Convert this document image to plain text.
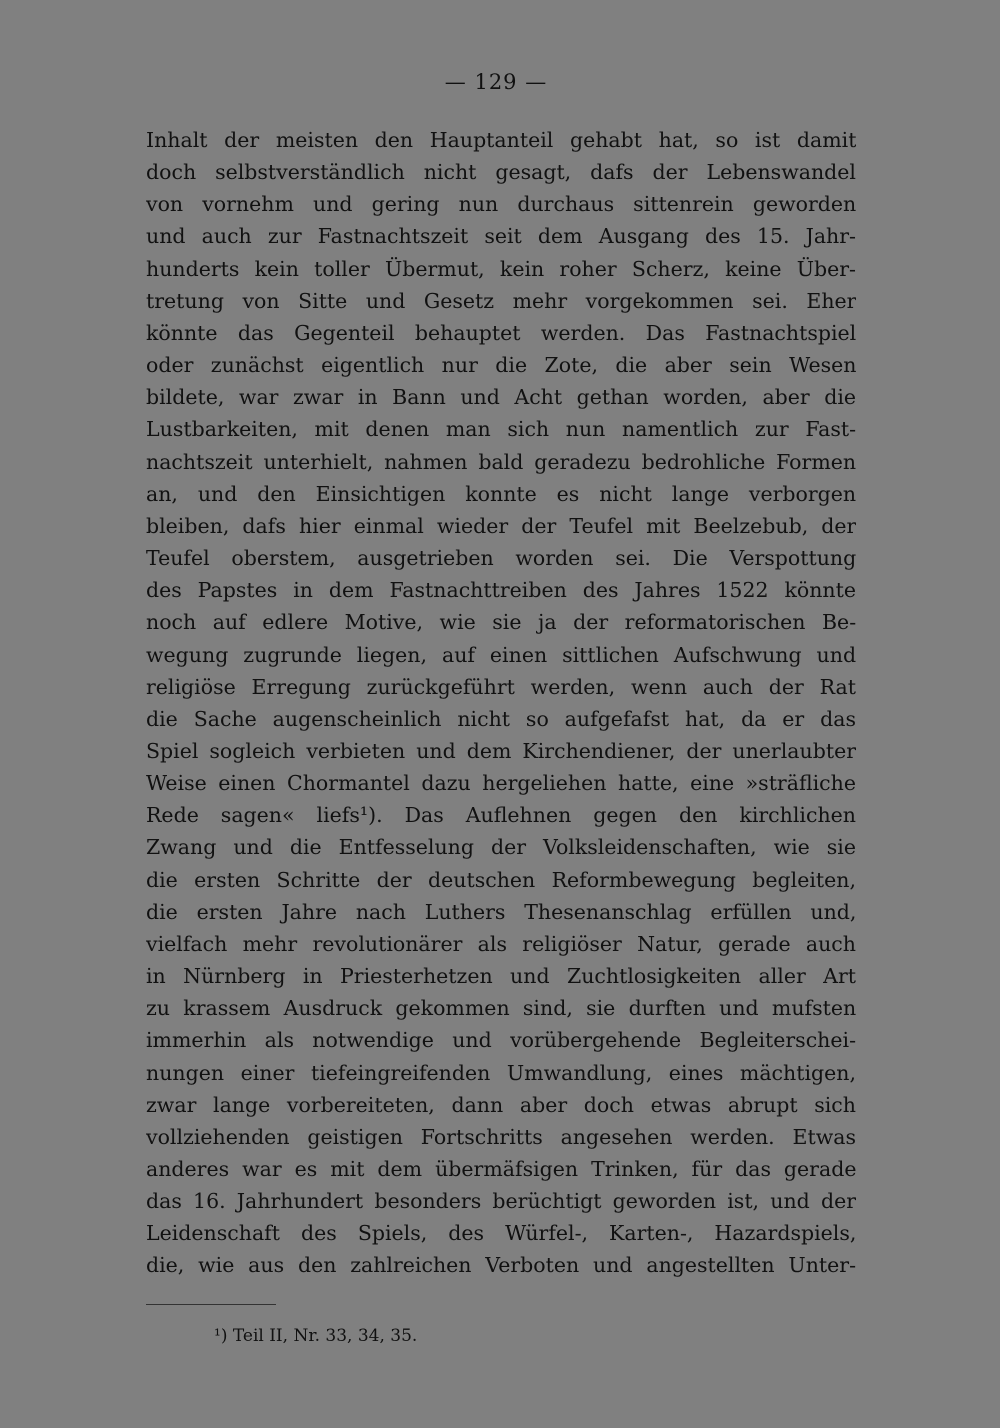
— 129 —
Inhalt der meisten den Hauptanteil gehabt hat, so ist damit
doch selbstverständlich nicht gesagt, dafs der Lebenswandel
von vornehm und gering nun durchaus sittenrein geworden
und auch zur Fastnachtszeit seit dem Ausgang des 15. Jahr-
hunderts kein toller Übermut, kein roher Scherz, keine Über-
tretung von Sitte und Gesetz mehr vorgekommen sei. Eher
könnte das Gegenteil behauptet werden. Das Fastnachtspiel
oder zunächst eigentlich nur die Zote, die aber sein Wesen
bildete, war zwar in Bann und Acht gethan worden, aber die
Lustbarkeiten, mit denen man sich nun namentlich zur Fast-
nachtszeit unterhielt, nahmen bald geradezu bedrohliche Formen
an, und den Einsichtigen konnte es nicht lange verborgen
bleiben, dafs hier einmal wieder der Teufel mit Beelzebub, der
Teufel oberstem, ausgetrieben worden sei. Die Verspottung
des Papstes in dem Fastnachttreiben des Jahres 1522 könnte
noch auf edlere Motive, wie sie ja der reformatorischen Be-
wegung zugrunde liegen, auf einen sittlichen Aufschwung und
religiöse Erregung zurückgeführt werden, wenn auch der Rat
die Sache augenscheinlich nicht so aufgefafst hat, da er das
Spiel sogleich verbieten und dem Kirchendiener, der unerlaubter
Weise einen Chormantel dazu hergeliehen hatte, eine »sträfliche
Rede sagen« liefs¹). Das Auflehnen gegen den kirchlichen
Zwang und die Entfesselung der Volksleidenschaften, wie sie
die ersten Schritte der deutschen Reformbewegung begleiten,
die ersten Jahre nach Luthers Thesenanschlag erfüllen und,
vielfach mehr revolutionärer als religiöser Natur, gerade auch
in Nürnberg in Priesterhetzen und Zuchtlosigkeiten aller Art
zu krassem Ausdruck gekommen sind, sie durften und mufsten
immerhin als notwendige und vorübergehende Begleiterschei-
nungen einer tiefeingreifenden Umwandlung, eines mächtigen,
zwar lange vorbereiteten, dann aber doch etwas abrupt sich
vollziehenden geistigen Fortschritts angesehen werden. Etwas
anderes war es mit dem übermäfsigen Trinken, für das gerade
das 16. Jahrhundert besonders berüchtigt geworden ist, und der
Leidenschaft des Spiels, des Würfel-, Karten-, Hazardspiels,
die, wie aus den zahlreichen Verboten und angestellten Unter-
¹) Teil II, Nr. 33, 34, 35.
